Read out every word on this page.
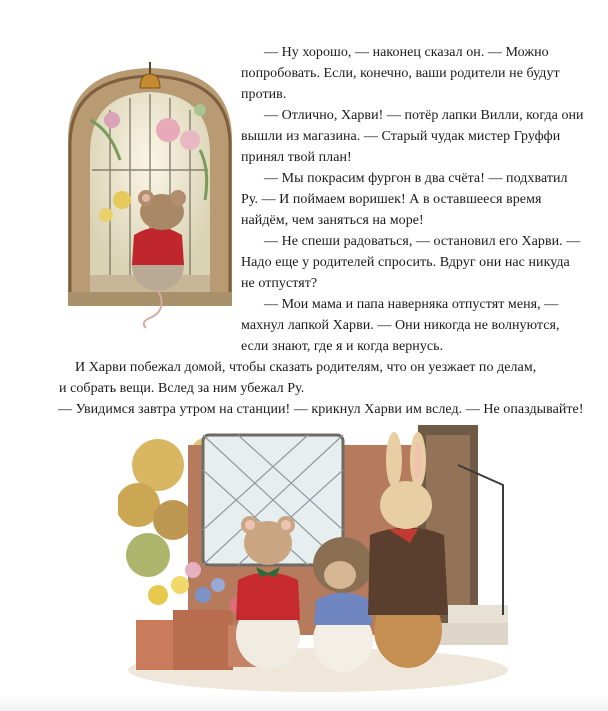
— Ну хорошо, — наконец сказал он. — Можно
попробовать. Если, конечно, ваши родители не будут
против.
— Отлично, Харви! — потёр лапки Вилли, когда они
вышли из магазина. — Старый чудак мистер Груффи
принял твой план!
— Мы покрасим фургон в два счёта! — подхватил
Ру. — И поймаем воришек! А в оставшееся время
найдём, чем заняться на море!
— Не спеши радоваться, — остановил его Харви. —
Надо еще у родителей спросить. Вдруг они нас никуда
не отпустят?
— Мои мама и папа наверняка отпустят меня, —
махнул лапкой Харви. — Они никогда не волнуются,
если знают, где я и когда вернусь.
И Харви побежал домой, чтобы сказать родителям, что он уезжает по делам,
и собрать вещи. Вслед за ним убежал Ру.
— Увидимся завтра утром на станции! — крикнул Харви им вслед. — Не опаздывайте!
